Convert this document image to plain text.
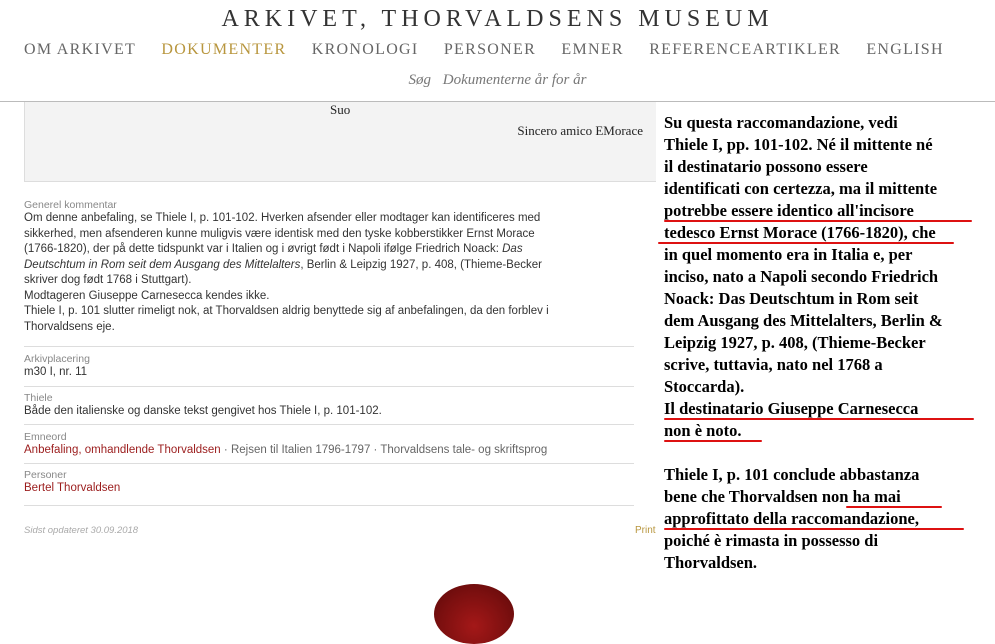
ARKIVET, THORVALDSENS MUSEUM
OM ARKIVET DOKUMENTER KRONOLOGI PERSONER EMNER REFERENCEARTIKLER ENGLISH
Søg Dokumenterne år for år
Suo
Sincero amico EMorace
Generel kommentar
Om denne anbefaling, se Thiele I, p. 101-102. Hverken afsender eller modtager kan identificeres med
sikkerhed, men afsenderen kunne muligvis være identisk med den tyske kobberstikker Ernst Morace
(1766-1820), der på dette tidspunkt var i Italien og i øvrigt født i Napoli ifølge Friedrich Noack: Das
Deutschtum in Rom seit dem Ausgang des Mittelalters, Berlin & Leipzig 1927, p. 408, (Thieme-Becker
skriver dog født 1768 i Stuttgart).
Modtageren Giuseppe Carnesecca kendes ikke.
Thiele I, p. 101 slutter rimeligt nok, at Thorvaldsen aldrig benyttede sig af anbefalingen, da den forblev i
Thorvaldsens eje.
Arkivplacering
m30 I, nr. 11
Thiele
Både den italienske og danske tekst gengivet hos Thiele I, p. 101-102.
Emneord
Anbefaling, omhandlende Thorvaldsen · Rejsen til Italien 1796-1797 · Thorvaldsens tale- og skriftsprog
Personer
Bertel Thorvaldsen
Sidst opdateret 30.09.2018	Print

Su questa raccomandazione, vedi

Thiele I, pp. 101-102. Né il mittente né

il destinatario possono essere

identificati con certezza, ma il mittente

potrebbe essere identico all'incisore

tedesco Ernst Morace (1766-1820), che

in quel momento era in Italia e, per

inciso, nato a Napoli secondo Friedrich

Noack: Das Deutschtum in Rom seit

dem Ausgang des Mittelalters, Berlin &

Leipzig 1927, p. 408, (Thieme-Becker

scrive, tuttavia, nato nel 1768 a

Stoccarda).

Il destinatario Giuseppe Carnesecca

non è noto.

Thiele I, p. 101 conclude abbastanza

bene che Thorvaldsen non ha mai

approfittato della raccomandazione,

poiché è rimasta in possesso di

Thorvaldsen.
